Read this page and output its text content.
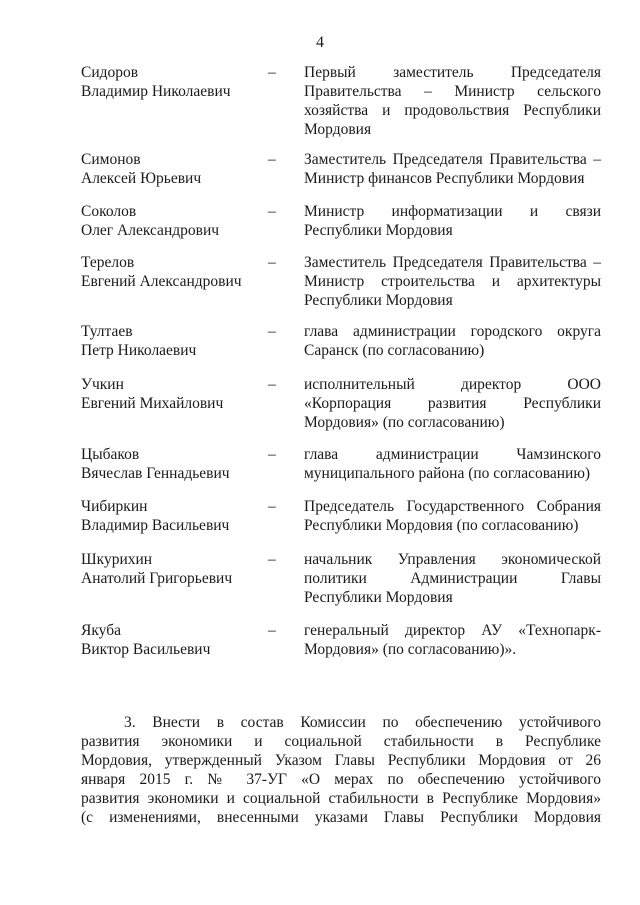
4
Сидоров
Владимир Николаевич
– Первый заместитель Председателя Правительства – Министр сельского хозяйства и продовольствия Республики Мордовия
Симонов
Алексей Юрьевич
– Заместитель Председателя Правительства – Министр финансов Республики Мордовия
Соколов
Олег Александрович
– Министр информатизации и связи Республики Мордовия
Терелов
Евгений Александрович
– Заместитель Председателя Правительства – Министр строительства и архитектуры Республики Мордовия
Тултаев
Петр Николаевич
– глава администрации городского округа Саранск (по согласованию)
Учкин
Евгений Михайлович
– исполнительный директор ООО «Корпорация развития Республики Мордовия» (по согласованию)
Цыбаков
Вячеслав Геннадьевич
– глава администрации Чамзинского муниципального района (по согласованию)
Чибиркин
Владимир Васильевич
– Председатель Государственного Собрания Республики Мордовия (по согласованию)
Шкурихин
Анатолий Григорьевич
– начальник Управления экономической политики Администрации Главы Республики Мордовия
Якуба
Виктор Васильевич
– генеральный директор АУ «Технопарк-Мордовия» (по согласованию)».
3. Внести в состав Комиссии по обеспечению устойчивого
развития экономики и социальной стабильности в Республике
Мордовия, утвержденный Указом Главы Республики Мордовия от 26
января 2015 г. № 37-УГ «О мерах по обеспечению устойчивого
развития экономики и социальной стабильности в Республике Мордовия»
(с изменениями, внесенными указами Главы Республики Мордовия
